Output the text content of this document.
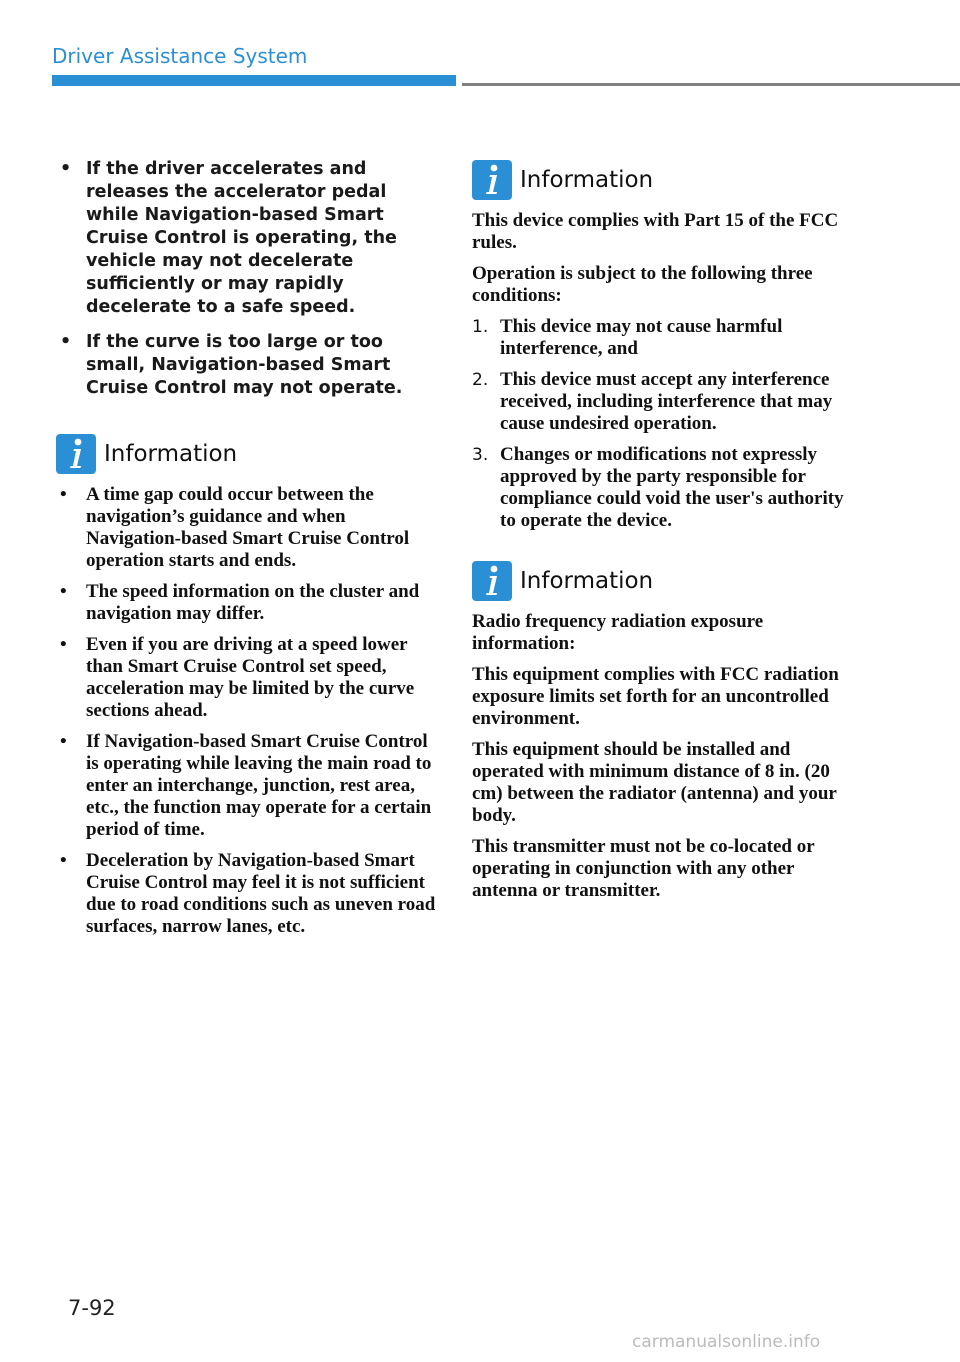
Driver Assistance System
• If the driver accelerates and releases the accelerator pedal while Navigation-based Smart Cruise Control is operating, the vehicle may not decelerate sufficiently or may rapidly decelerate to a safe speed.
• If the curve is too large or too small, Navigation-based Smart Cruise Control may not operate.
Information
• A time gap could occur between the navigation’s guidance and when Navigation-based Smart Cruise Control operation starts and ends.
• The speed information on the cluster and navigation may differ.
• Even if you are driving at a speed lower than Smart Cruise Control set speed, acceleration may be limited by the curve sections ahead.
• If Navigation-based Smart Cruise Control is operating while leaving the main road to enter an interchange, junction, rest area, etc., the function may operate for a certain period of time.
• Deceleration by Navigation-based Smart Cruise Control may feel it is not sufficient due to road conditions such as uneven road surfaces, narrow lanes, etc.
Information

This device complies with Part 15 of the FCC rules.

Operation is subject to the following three conditions:

1. This device may not cause harmful interference, and
2. This device must accept any interference received, including interference that may cause undesired operation.
3. Changes or modifications not expressly approved by the party responsible for compliance could void the user's authority to operate the device.
Information

Radio frequency radiation exposure information:

This equipment complies with FCC radiation exposure limits set forth for an uncontrolled environment.

This equipment should be installed and operated with minimum distance of 8 in. (20 cm) between the radiator (antenna) and your body.

This transmitter must not be co-located or operating in conjunction with any other antenna or transmitter.

7-92
carmanualsonline.info
